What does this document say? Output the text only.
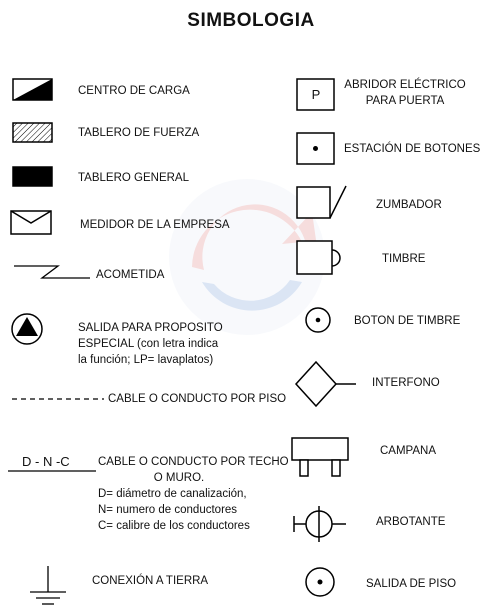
SIMBOLOGIA
CENTRO DE CARGA
TABLERO DE FUERZA
TABLERO GENERAL
MEDIDOR DE LA EMPRESA
ACOMETIDA
SALIDA PARA PROPOSITO
ESPECIAL (con letra indica
la función; LP= lavaplatos)
CABLE O CONDUCTO POR PISO
D - N -C CABLE O CONDUCTO POR TECHO
O MURO.
D= diámetro de canalización,
N= numero de conductores
C= calibre de los conductores
CONEXIÓN A TIERRA
P
ABRIDOR ELÉCTRICO
PARA PUERTA
ESTACIÓN DE BOTONES
ZUMBADOR
TIMBRE
BOTON DE TIMBRE
INTERFONO
CAMPANA
ARBOTANTE
SALIDA DE PISO
